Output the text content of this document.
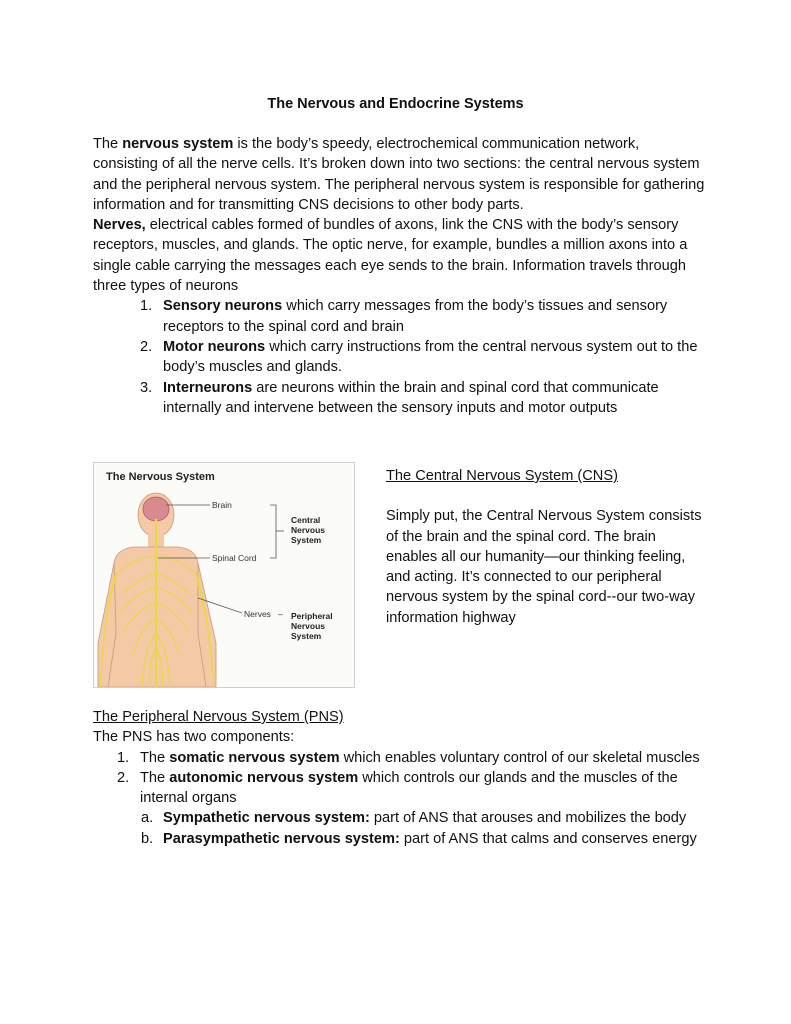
The Nervous and Endocrine Systems

The nervous system is the body’s speedy, electrochemical communication network, consisting of all the nerve cells. It’s broken down into two sections: the central nervous system and the peripheral nervous system. The peripheral nervous system is responsible for gathering information and for transmitting CNS decisions to other body parts.

Nerves, electrical cables formed of bundles of axons, link the CNS with the body’s sensory receptors, muscles, and glands. The optic nerve, for example, bundles a million axons into a single cable carrying the messages each eye sends to the brain. Information travels through three types of neurons

1. Sensory neurons which carry messages from the body’s tissues and sensory receptors to the spinal cord and brain
2. Motor neurons which carry instructions from the central nervous system out to the body’s muscles and glands.
3. Interneurons are neurons within the brain and spinal cord that communicate internally and intervene between the sensory inputs and motor outputs
The Nervous System
Brain
Spinal Cord
Nerves –
Central
Nervous
System
Peripheral
Nervous
System

The Central Nervous System (CNS)

Simply put, the Central Nervous System consists of the brain and the spinal cord. The brain enables all our humanity—our thinking feeling, and acting. It’s connected to our peripheral nervous system by the spinal cord--our two-way information highway

The Peripheral Nervous System (PNS)

The PNS has two components:

1. The somatic nervous system which enables voluntary control of our skeletal muscles
2. The autonomic nervous system which controls our glands and the muscles of the internal organs
a. Sympathetic nervous system: part of ANS that arouses and mobilizes the body
b. Parasympathetic nervous system: part of ANS that calms and conserves energy
